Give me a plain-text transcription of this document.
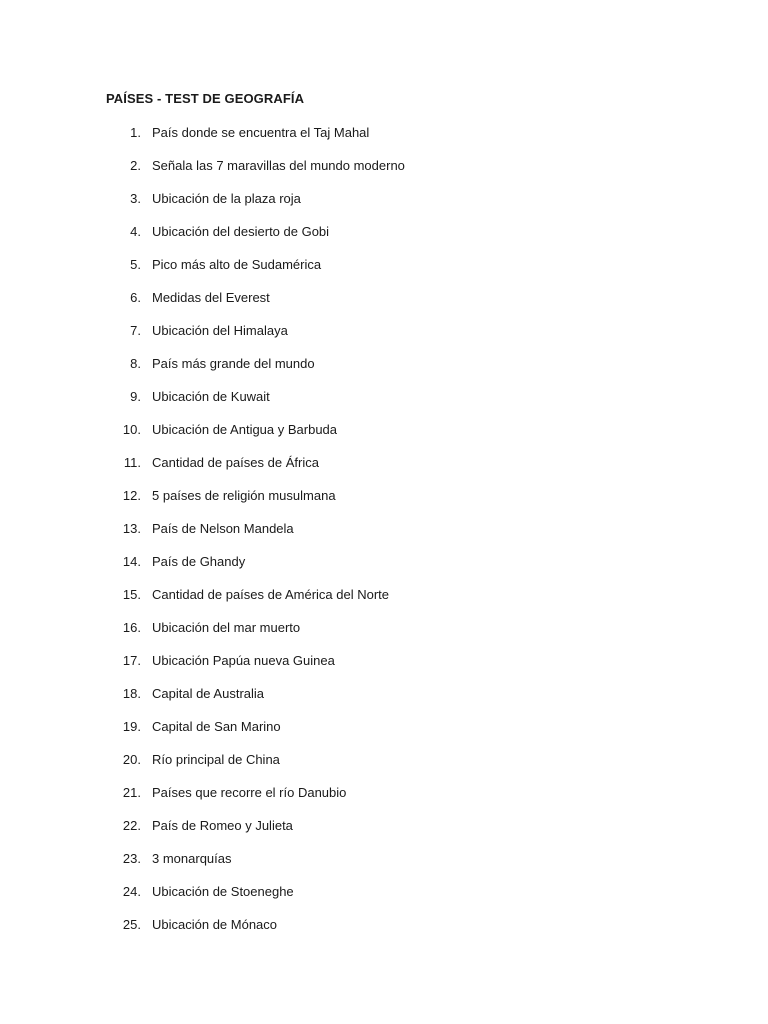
PAÍSES - TEST DE GEOGRAFÍA
1. País donde se encuentra el Taj Mahal
2. Señala las 7 maravillas del mundo moderno
3. Ubicación de la plaza roja
4. Ubicación del desierto de Gobi
5. Pico más alto de Sudamérica
6. Medidas del Everest
7. Ubicación del Himalaya
8. País más grande del mundo
9. Ubicación de Kuwait
10. Ubicación de Antigua y Barbuda
11. Cantidad de países de África
12. 5 países de religión musulmana
13. País de Nelson Mandela
14. País de Ghandy
15. Cantidad de países de América del Norte
16. Ubicación del mar muerto
17. Ubicación Papúa nueva Guinea
18. Capital de Australia
19. Capital de San Marino
20. Río principal de China
21. Países que recorre el río Danubio
22. País de Romeo y Julieta
23. 3 monarquías
24. Ubicación de Stoeneghe
25. Ubicación de Mónaco
